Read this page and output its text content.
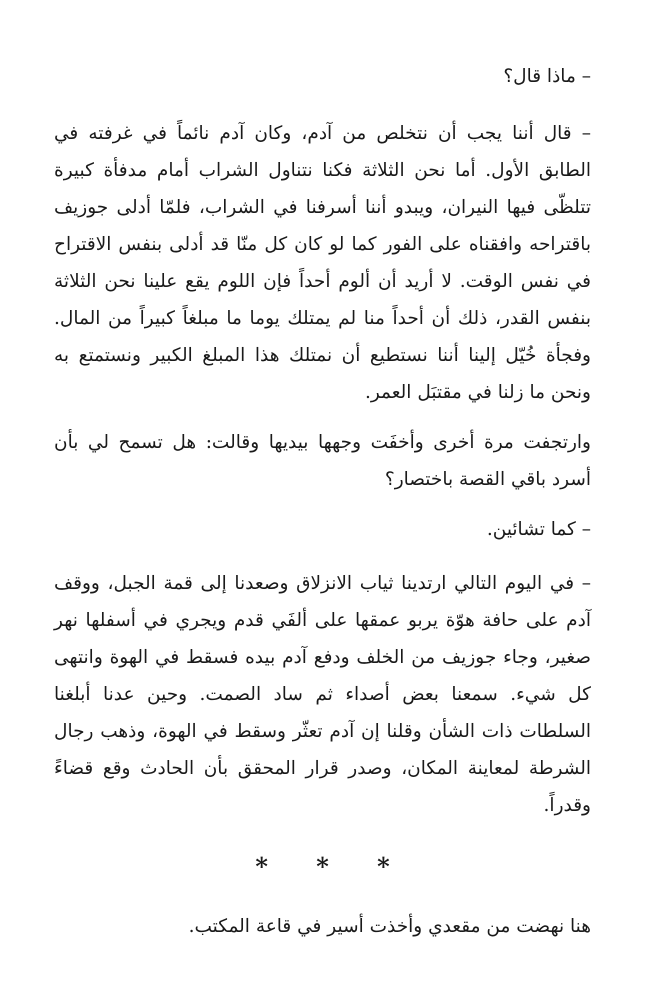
– ماذا قال؟

– قال أننا يجب أن نتخلص من آدم، وكان آدم نائماً في غرفته في الطابق الأول. أما نحن الثلاثة فكنا نتناول الشراب أمام مدفأة كبيرة تتلظّى فيها النيران، ويبدو أننا أسرفنا في الشراب، فلمّا أدلى جوزيف باقتراحه وافقناه على الفور كما لو كان كل منّا قد أدلى بنفس الاقتراح في نفس الوقت. لا أريد أن ألوم أحداً فإن اللوم يقع علينا نحن الثلاثة بنفس القدر، ذلك أن أحداً منا لم يمتلك يوما ما مبلغاً كبيراً من المال. وفجأة خُيّل إلينا أننا نستطيع أن نمتلك هذا المبلغ الكبير ونستمتع به ونحن ما زلنا في مقتبَل العمر.

وارتجفت مرة أخرى وأخفَت وجهها بيديها وقالت: هل تسمح لي بأن أسرد باقي القصة باختصار؟

– كما تشائين.

– في اليوم التالي ارتدينا ثياب الانزلاق وصعدنا إلى قمة الجبل، ووقف آدم على حافة هوّة يربو عمقها على ألفَي قدم ويجري في أسفلها نهر صغير، وجاء جوزيف من الخلف ودفع آدم بيده فسقط في الهوة وانتهى كل شيء. سمعنا بعض أصداء ثم ساد الصمت. وحين عدنا أبلغنا السلطات ذات الشأن وقلنا إن آدم تعثّر وسقط في الهوة، وذهب رجال الشرطة لمعاينة المكان، وصدر قرار المحقق بأن الحادث وقع قضاءً وقدراً.

* * *

هنا نهضت من مقعدي وأخذت أسير في قاعة المكتب.
